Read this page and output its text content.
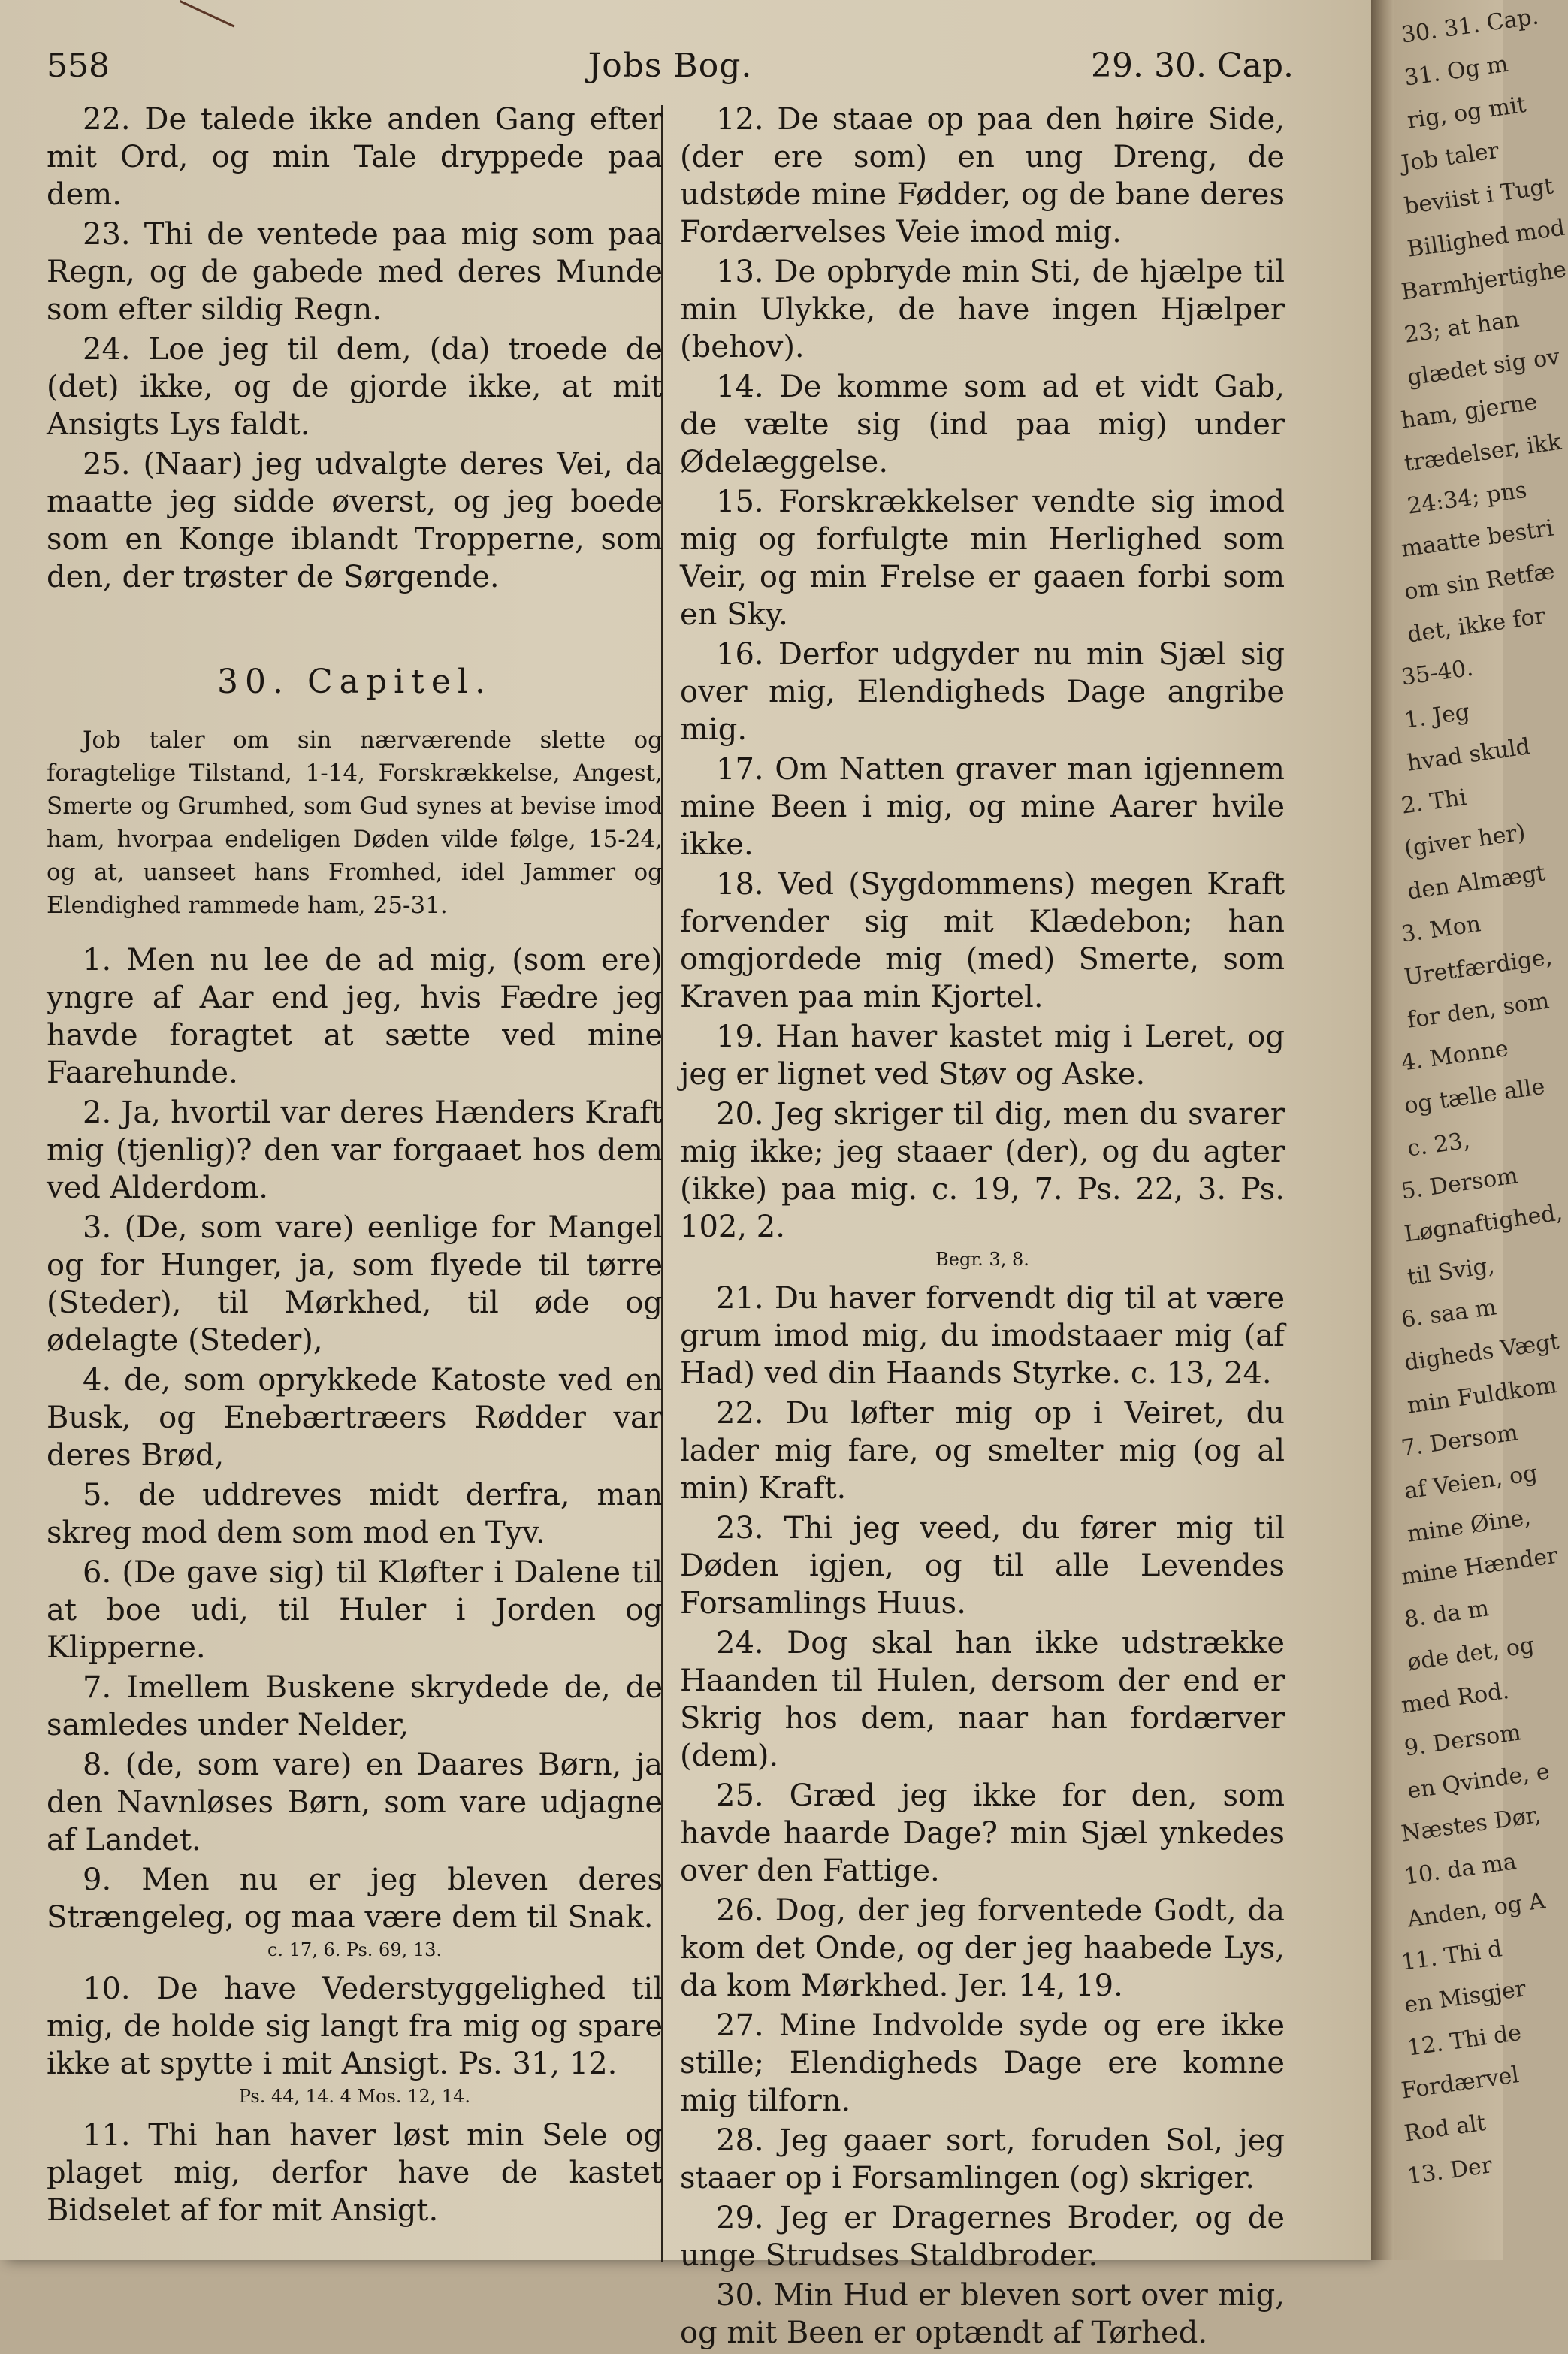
558	Jobs Bog.	29. 30. Cap.

22. De talede ikke anden Gang efter mit Ord, og min Tale dryppede paa dem.

23. Thi de ventede paa mig som paa Regn, og de gabede med deres Munde som efter sildig Regn.

24. Loe jeg til dem, (da) troede de (det) ikke, og de gjorde ikke, at mit Ansigts Lys faldt.

25. (Naar) jeg udvalgte deres Vei, da maatte jeg sidde øverst, og jeg boede som en Konge iblandt Tropperne, som den, der trøster de Sørgende.

30. Capitel.
Job taler om sin nærværende slette og foragtelige Tilstand, 1-14, Forskrækkelse, Angest, Smerte og Grumhed, som Gud synes at bevise imod ham, hvorpaa endeligen Døden vilde følge, 15-24, og at, uanseet hans Fromhed, idel Jammer og Elendighed rammede ham, 25-31.

1. Men nu lee de ad mig, (som ere) yngre af Aar end jeg, hvis Fædre jeg havde foragtet at sætte ved mine Faarehunde.

2. Ja, hvortil var deres Hænders Kraft mig (tjenlig)? den var forgaaet hos dem ved Alderdom.

3. (De, som vare) eenlige for Mangel og for Hunger, ja, som flyede til tørre (Steder), til Mørkhed, til øde og ødelagte (Steder),

4. de, som oprykkede Katoste ved en Busk, og Enebærtræers Rødder var deres Brød,

5. de uddreves midt derfra, man skreg mod dem som mod en Tyv.

6. (De gave sig) til Kløfter i Dalene til at boe udi, til Huler i Jorden og Klipperne.

7. Imellem Buskene skrydede de, de samledes under Nelder,

8. (de, som vare) en Daares Børn, ja den Navnløses Børn, som vare udjagne af Landet.

9. Men nu er jeg bleven deres Strængeleg, og maa være dem til Snak.

c. 17, 6. Ps. 69, 13.

10. De have Vederstyggelighed til mig, de holde sig langt fra mig og spare ikke at spytte i mit Ansigt. Ps. 31, 12.

Ps. 44, 14. 4 Mos. 12, 14.

11. Thi han haver løst min Sele og plaget mig, derfor have de kastet Bidselet af for mit Ansigt.

12. De staae op paa den høire Side, (der ere som) en ung Dreng, de udstøde mine Fødder, og de bane deres Fordærvelses Veie imod mig.

13. De opbryde min Sti, de hjælpe til min Ulykke, de have ingen Hjælper (behov).

14. De komme som ad et vidt Gab, de vælte sig (ind paa mig) under Ødelæggelse.

15. Forskrækkelser vendte sig imod mig og forfulgte min Herlighed som Veir, og min Frelse er gaaen forbi som en Sky.

16. Derfor udgyder nu min Sjæl sig over mig, Elendigheds Dage angribe mig.

17. Om Natten graver man igjennem mine Been i mig, og mine Aarer hvile ikke.

18. Ved (Sygdommens) megen Kraft forvender sig mit Klædebon; han omgjordede mig (med) Smerte, som Kraven paa min Kjortel.

19. Han haver kastet mig i Leret, og jeg er lignet ved Støv og Aske.

20. Jeg skriger til dig, men du svarer mig ikke; jeg staaer (der), og du agter (ikke) paa mig. c. 19, 7. Ps. 22, 3. Ps. 102, 2.

Begr. 3, 8.

21. Du haver forvendt dig til at være grum imod mig, du imodstaaer mig (af Had) ved din Haands Styrke. c. 13, 24.

22. Du løfter mig op i Veiret, du lader mig fare, og smelter mig (og al min) Kraft.

23. Thi jeg veed, du fører mig til Døden igjen, og til alle Levendes Forsamlings Huus.

24. Dog skal han ikke udstrække Haanden til Hulen, dersom der end er Skrig hos dem, naar han fordærver (dem).

25. Græd jeg ikke for den, som havde haarde Dage? min Sjæl ynkedes over den Fattige.

26. Dog, der jeg forventede Godt, da kom det Onde, og der jeg haabede Lys, da kom Mørkhed. Jer. 14, 19.

27. Mine Indvolde syde og ere ikke stille; Elendigheds Dage ere komne mig tilforn.

28. Jeg gaaer sort, foruden Sol, jeg staaer op i Forsamlingen (og) skriger.

29. Jeg er Dragernes Broder, og de unge Strudses Staldbroder.

30. Min Hud er bleven sort over mig, og mit Been er optændt af Tørhed.

30. 31. Cap.
31. Og m
rig, og mit
Job taler
beviist i Tugt
Billighed mod
Barmhjertighe
23; at han
glædet sig ov
ham, gjerne
trædelser, ikk
24:34; pns
maatte bestri
om sin Retfæ
det, ikke for
35-40.
1. Jeg
hvad skuld
2. Thi
(giver her)
den Almægt
3. Mon
Uretfærdige,
for den, som
4. Monne
og tælle alle
c. 23,
5. Dersom
Løgnaftighed,
til Svig,
6. saa m
digheds Vægt
min Fuldkom
7. Dersom
af Veien, og
mine Øine,
mine Hænder
8. da m
øde det, og
med Rod.
9. Dersom
en Qvinde, e
Næstes Dør,
10. da ma
Anden, og A
11. Thi d
en Misgjer
12. Thi de
Fordærvel
Rod alt
13. Der
